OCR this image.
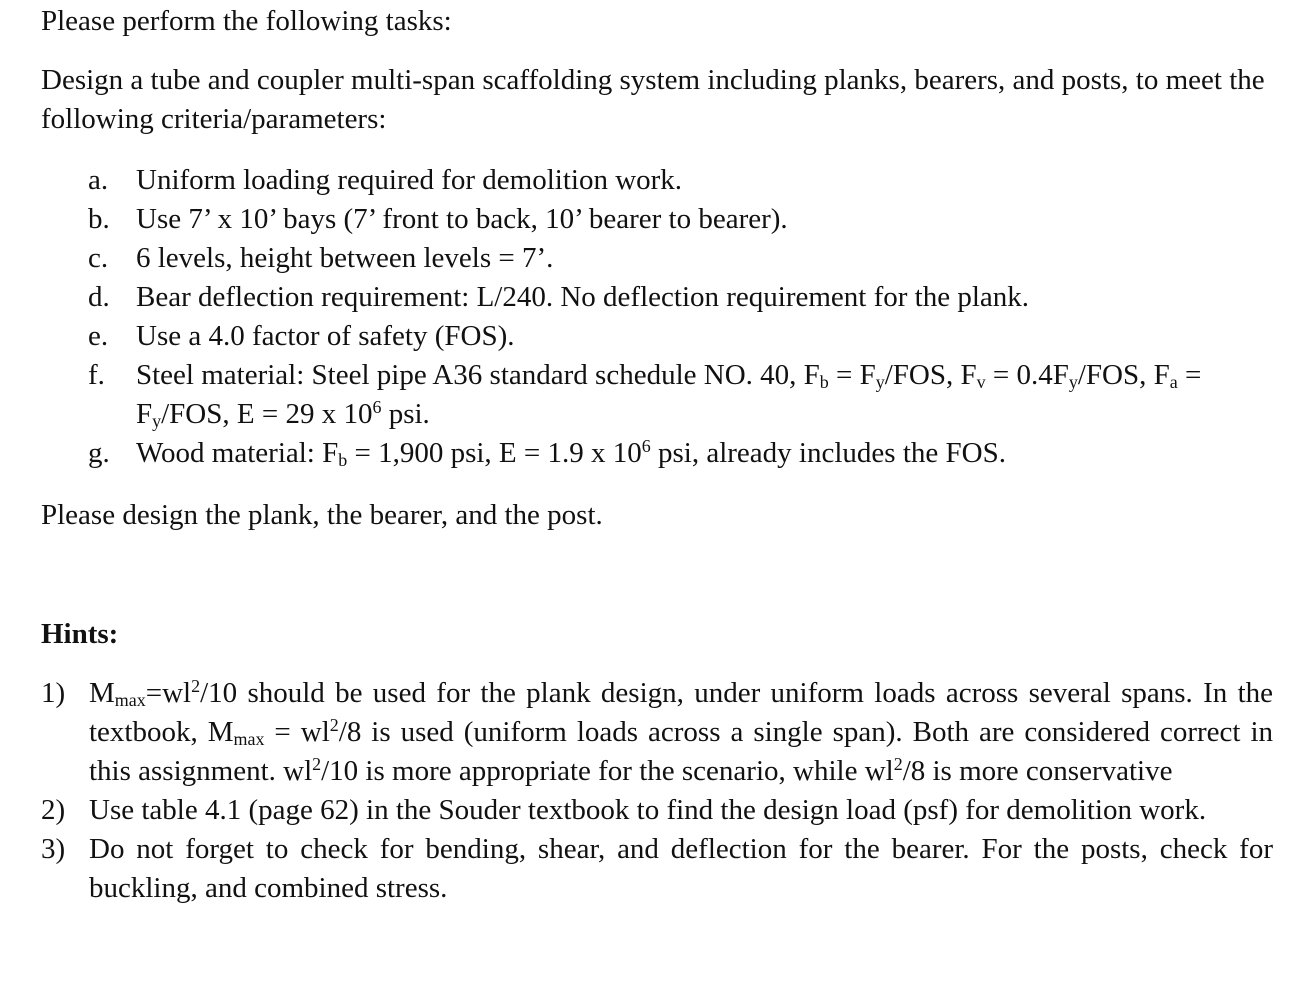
Please perform the following tasks:

Design a tube and coupler multi-span scaffolding system including planks, bearers, and posts, to meet the following criteria/parameters:

a. Uniform loading required for demolition work.
b. Use 7’ x 10’ bays (7’ front to back, 10’ bearer to bearer).
c. 6 levels, height between levels = 7’.
d. Bear deflection requirement: L/240. No deflection requirement for the plank.
e. Use a 4.0 factor of safety (FOS).
f. Steel material: Steel pipe A36 standard schedule NO. 40, $F_b = F_y/FOS$, $F_v = 0.4F_y/FOS$, $F_a = F_y/FOS$, E = 29 x $10^6$ psi.
g. Wood material: $F_b = 1,900$ psi, E = 1.9 x $10^6$ psi, already includes the FOS.

Please design the plank, the bearer, and the post.

Hints:

1) $M_{max}=wl^2/10$ should be used for the plank design, under uniform loads across several spans. In the textbook, $M_{max} = wl^2/8$ is used (uniform loads across a single span). Both are considered correct in this assignment. $wl^2/10$ is more appropriate for the scenario, while $wl^2/8$ is more conservative
2) Use table 4.1 (page 62) in the Souder textbook to find the design load (psf) for demolition work.
3) Do not forget to check for bending, shear, and deflection for the bearer. For the posts, check for buckling, and combined stress.
